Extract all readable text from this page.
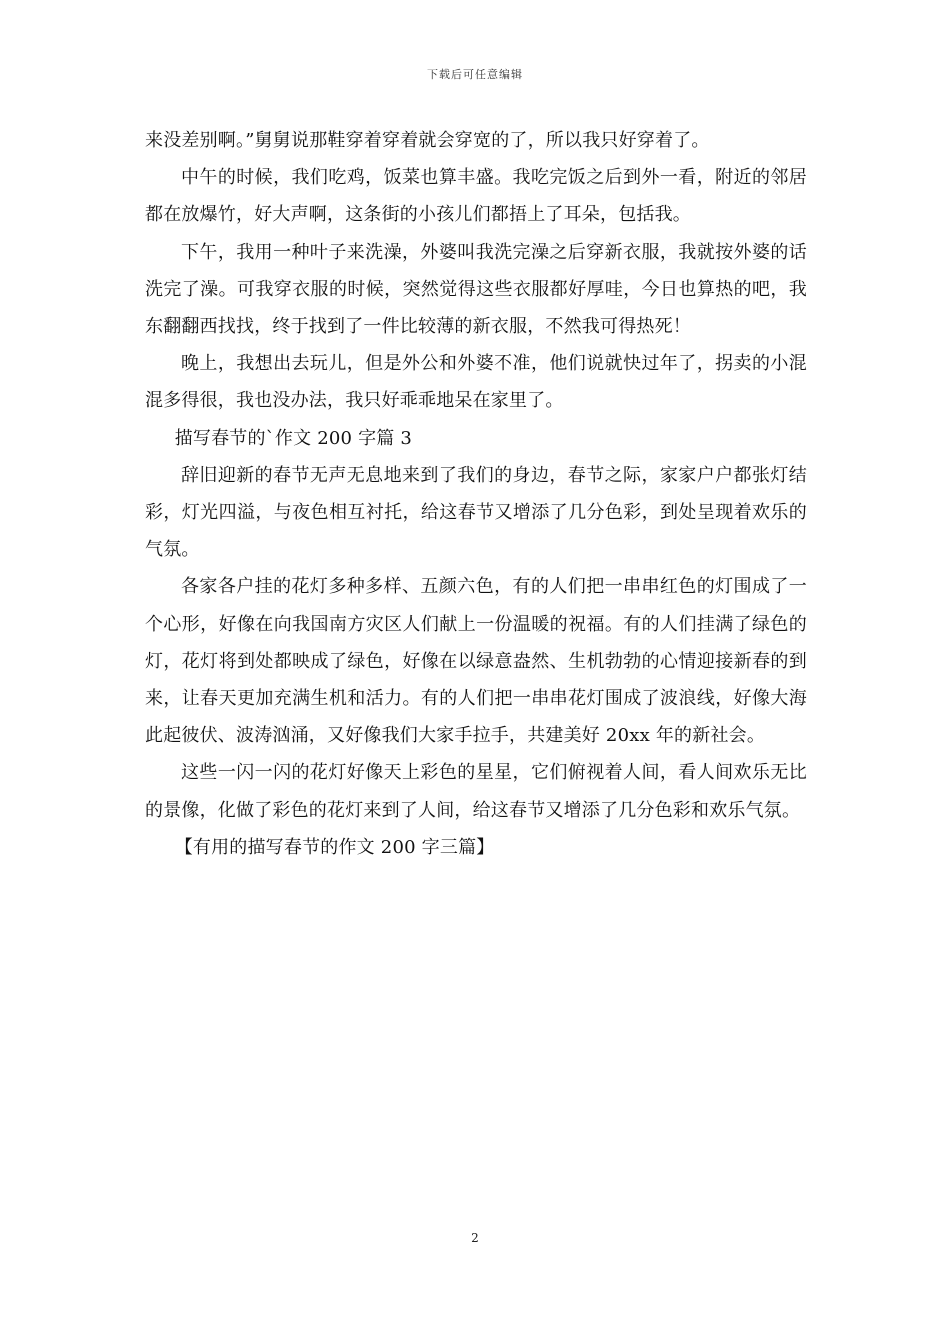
下载后可任意编辑

来没差别啊。”舅舅说那鞋穿着穿着就会穿宽的了，所以我只好穿着了。

中午的时候，我们吃鸡，饭菜也算丰盛。我吃完饭之后到外一看，附近的邻居都在放爆竹，好大声啊，这条街的小孩儿们都捂上了耳朵，包括我。

下午，我用一种叶子来洗澡，外婆叫我洗完澡之后穿新衣服，我就按外婆的话洗完了澡。可我穿衣服的时候，突然觉得这些衣服都好厚哇，今日也算热的吧，我东翻翻西找找，终于找到了一件比较薄的新衣服，不然我可得热死！

晚上，我想出去玩儿，但是外公和外婆不准，他们说就快过年了，拐卖的小混混多得很，我也没办法，我只好乖乖地呆在家里了。

描写春节的`作文 200 字篇 3

辞旧迎新的春节无声无息地来到了我们的身边，春节之际，家家户户都张灯结彩，灯光四溢，与夜色相互衬托，给这春节又增添了几分色彩，到处呈现着欢乐的气氛。

各家各户挂的花灯多种多样、五颜六色，有的人们把一串串红色的灯围成了一个心形，好像在向我国南方灾区人们献上一份温暖的祝福。有的人们挂满了绿色的灯，花灯将到处都映成了绿色，好像在以绿意盎然、生机勃勃的心情迎接新春的到来，让春天更加充满生机和活力。有的人们把一串串花灯围成了波浪线，好像大海此起彼伏、波涛汹涌，又好像我们大家手拉手，共建美好 20xx 年的新社会。

这些一闪一闪的花灯好像天上彩色的星星，它们俯视着人间，看人间欢乐无比的景像，化做了彩色的花灯来到了人间，给这春节又增添了几分色彩和欢乐气氛。

【有用的描写春节的作文 200 字三篇】

2
